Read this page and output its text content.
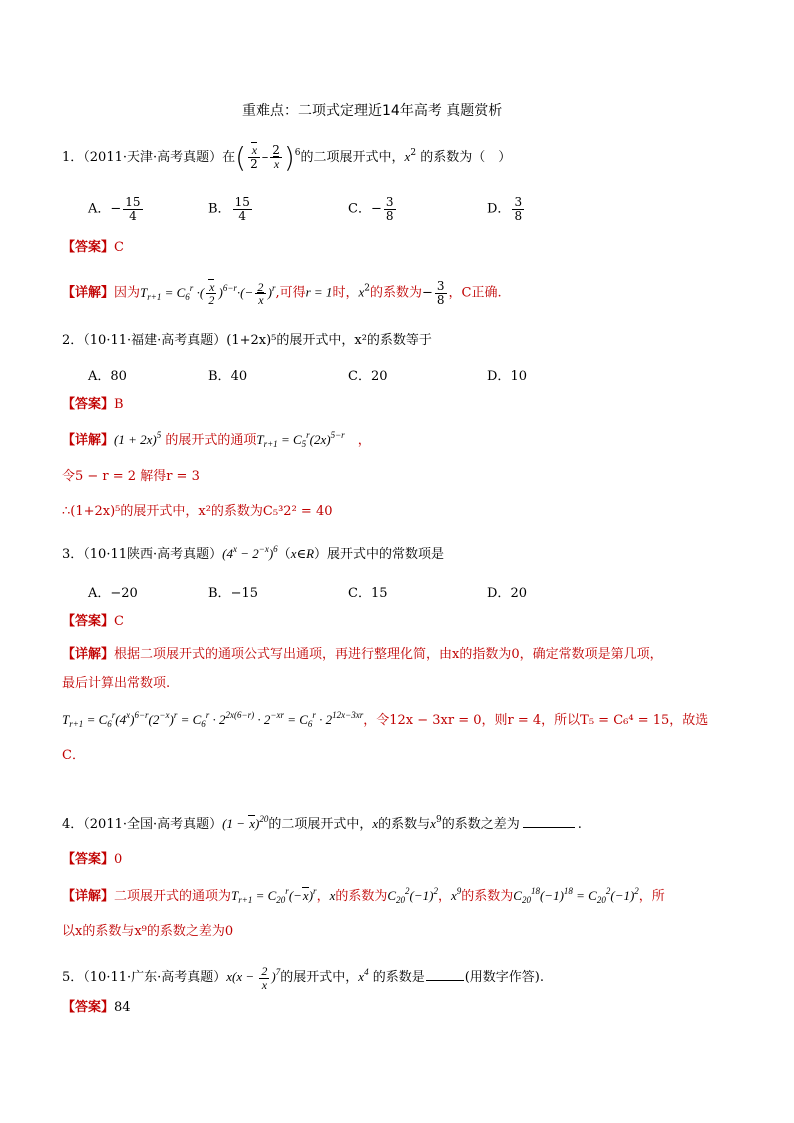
重难点：二项式定理近14年高考 真题赏析
1．（2011·天津·高考真题）在( $\frac{x}{2} - \frac{2}{x} )^6$的二项展开式中，$x^2$ 的系数为（　）
A．− $\frac{15}{4}$	B． $\frac{15}{4}$	C．− $\frac{3}{8}$	D． $\frac{3}{8}$
【答案】C
【详解】因为$T_{r+1} = C_6^r$ ·( $\frac{x}{2} )^{6-r}\cdot(- \frac{2}{x} )^r$,可得r = 1时，$x^2$的系数为− $\frac{3}{8}$ ，C正确.
2．（10·11·福建·高考真题）(1+2x)⁵的展开式中，x²的系数等于
A．80	B．40	C．20	D．10
【答案】B
【详解】$(1 + 2x)^5$ 的展开式的通项$T_{r+1} = C_5^r(2x)^{5-r}$　 ，
令5 − r = 2 解得r = 3
∴(1+2x)⁵的展开式中，x²的系数为C₅³2² = 40
3．（10·11陕西·高考真题）($4^x$ − $2^{-x})^6(x\in R)$展开式中的常数项是
A．−20	B．−15	C．15	D．20
【答案】C
【详解】根据二项展开式的通项公式写出通项，再进行整理化简，由x的指数为0，确定常数项是第几项，
最后计算出常数项.
$T_{r+1} = C_6^r(4^x)^{6-r}(2^{-x})^r = C_6^r \cdot 2^{2x(6-r)} \cdot 2^{-xr} = C_6^r \cdot 2^{12x-3xr}$，令12x − 3xr = 0，则r = 4，所以T₅ = C₆⁴ = 15，故选
C．
4．（2011·全国·高考真题）$(1 - x)^{20}$的二项展开式中，x的系数与$x^9$的系数之差为	.
【答案】0
【详解】二项展开式的通项为$T_{r+1} = C_{20}^r(-x)^r$，x的系数为$C_{20}^2(-1)^2$，$x^9$的系数为$C_{20}^{18}(-1)^{18} = C_{20}^2(-1)^2$，所
以x的系数与x⁹的系数之差为0
5．（10·11·广东·高考真题）$x(x - \frac{2}{x} )^7$的展开式中，$x^4$ 的系数是	(用数字作答).
【答案】84
